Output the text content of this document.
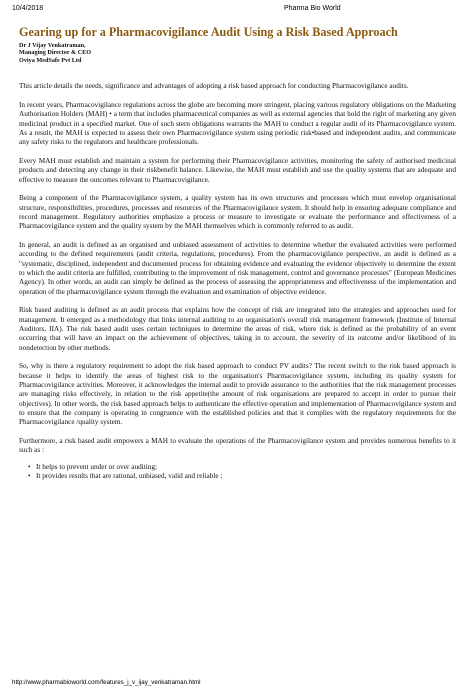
10/4/2018	Pharma Bio World
Gearing up for a Pharmacovigilance Audit Using a Risk Based Approach

Dr J Vijay Venkatraman,

Managing Director & CEO

Oviya MedSafe Pvt Ltd

This article details the needs, significance and advantages of adopting a risk based approach for conducting Pharmacovigilance audits.

In recent years, Pharmacovigilance regulations across the globe are becoming more stringent, placing various regulatory obligations on the Marketing Authorisation Holders (MAH) • a term that includes pharmaceutical companies as well as external agencies that hold the right of marketing any given medicinal product in a specified market. One of such stern obligations warrants the MAH to conduct a regular audit of its Pharmacovigilance system. As a result, the MAH is expected to assess their own Pharmacovigilance system using periodic risk•based and independent audits, and communicate any safety risks to the regulators and healthcare professionals.

Every MAH must establish and maintain a system for performing their Pharmacovigilance activities, monitoring the safety of authorised medicinal products and detecting any change in their riskbenefit balance. Likewise, the MAH must establish and use the quality systems that are adequate and effective to measure the outcomes relevant to Pharmacovigilance.

Being a component of the Pharmacovigilance system, a quality system has its own structures and processes which must envelop organisational structure, responsibilities, procedures, processes and resources of the Pharmacovigilance system. It should help in ensuring adequate compliance and record management. Regulatory authorities emphasize a process or measure to investigate or evaluate the performance and effectiveness of a Pharmacovigilance system and the quality system by the MAH themselves which is commonly referred to as audit.

In general, an audit is defined as an organised and unbiased assessment of activities to determine whether the evaluated activities were performed according to the defined requirements (audit criteria, regulations, procedures). From the pharmacovigilance perspective, an audit is defined as a "systematic, disciplined, independent and documented process for obtaining evidence and evaluating the evidence objectively to determine the extent to which the audit criteria are fulfilled, contributing to the improvement of risk management, control and governance processes" (European Medicines Agency). In other words, an audit can simply be defined as the process of assessing the appropriateness and effectiveness of the implementation and operation of the pharmacovigilance system through the evaluation and examination of objective evidence.

Risk based auditing is defined as an audit process that explains how the concept of risk are integrated into the strategies and approaches used for management. It emerged as a methodology that links internal auditing to an organisation's overall risk management framework (Institute of Internal Auditors, IIA). The risk based audit uses certain techniques to determine the areas of risk, where risk is defined as the probability of an event occurring that will have an impact on the achievement of objectives, taking in to account, the severity of its outcome and/or likelihood of its nondetection by other methods.

So, why is there a regulatory requirement to adopt the risk based approach to conduct PV audits? The recent switch to the risk based approach is because it helps to identify the areas of highest risk to the organisation's Pharmacovigilance system, including its quality system for Pharmacovigilance activities. Moreover, it acknowledges the internal audit to provide assurance to the authorities that the risk management processes are managing risks effectively, in relation to the risk appetite(the amount of risk organisations are prepared to accept in order to pursue their objectives). In other words, the risk based approach helps to authenticate the effective operation and implementation of Pharmacovigilance system and to ensure that the company is operating in congruence with the established policies and that it complies with the regulatory requirements for the Pharmacovigilance /quality system.

Furthermore, a risk based audit empowers a MAH to evaluate the operations of the Pharmacovigilance system and provides numerous benefits to it such as :

• It helps to prevent under or over auditing;
• It provides results that are rational, unbiased, valid and reliable ;
http://www.pharmabioworld.com/features_j_v_ijay_venkatraman.html
